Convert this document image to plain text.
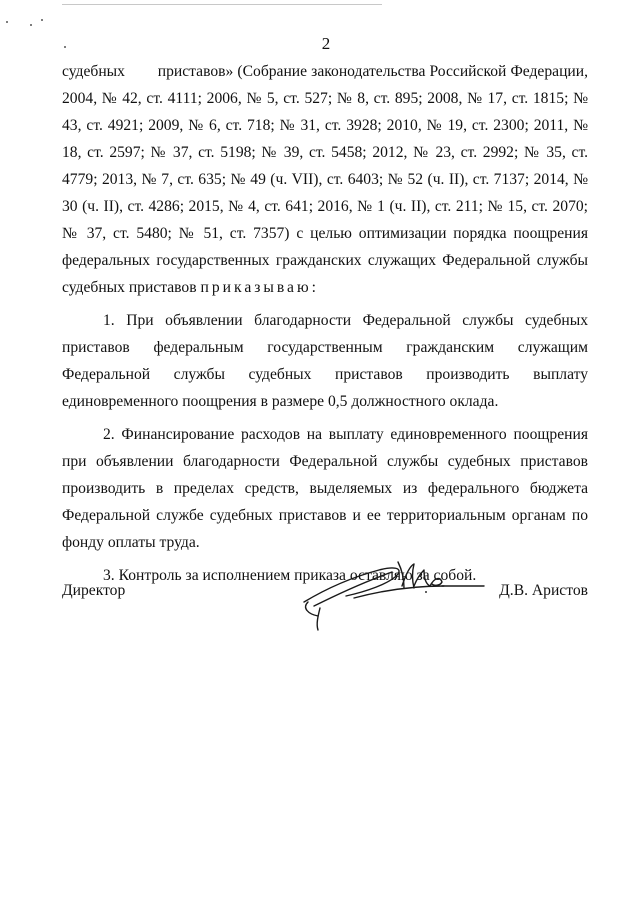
2

судебных приставов» (Собрание законодательства Российской Федерации, 2004, № 42, ст. 4111; 2006, № 5, ст. 527; № 8, ст. 895; 2008, № 17, ст. 1815; № 43, ст. 4921; 2009, № 6, ст. 718; № 31, ст. 3928; 2010, № 19, ст. 2300; 2011, № 18, ст. 2597; № 37, ст. 5198; № 39, ст. 5458; 2012, № 23, ст. 2992; № 35, ст. 4779; 2013, № 7, ст. 635; № 49 (ч. VII), ст. 6403; № 52 (ч. II), ст. 7137; 2014, № 30 (ч. II), ст. 4286; 2015, № 4, ст. 641; 2016, № 1 (ч. II), ст. 211; № 15, ст. 2070; № 37, ст. 5480; № 51, ст. 7357) с целью оптимизации порядка поощрения федеральных государственных гражданских служащих Федеральной службы судебных приставов приказываю:

1. При объявлении благодарности Федеральной службы судебных приставов федеральным государственным гражданским служащим Федеральной службы судебных приставов производить выплату единовременного поощрения в размере 0,5 должностного оклада.

2. Финансирование расходов на выплату единовременного поощрения при объявлении благодарности Федеральной службы судебных приставов производить в пределах средств, выделяемых из федерального бюджета Федеральной службе судебных приставов и ее территориальным органам по фонду оплаты труда.

3. Контроль за исполнением приказа оставляю за собой.

Директор	Д.В. Аристов
